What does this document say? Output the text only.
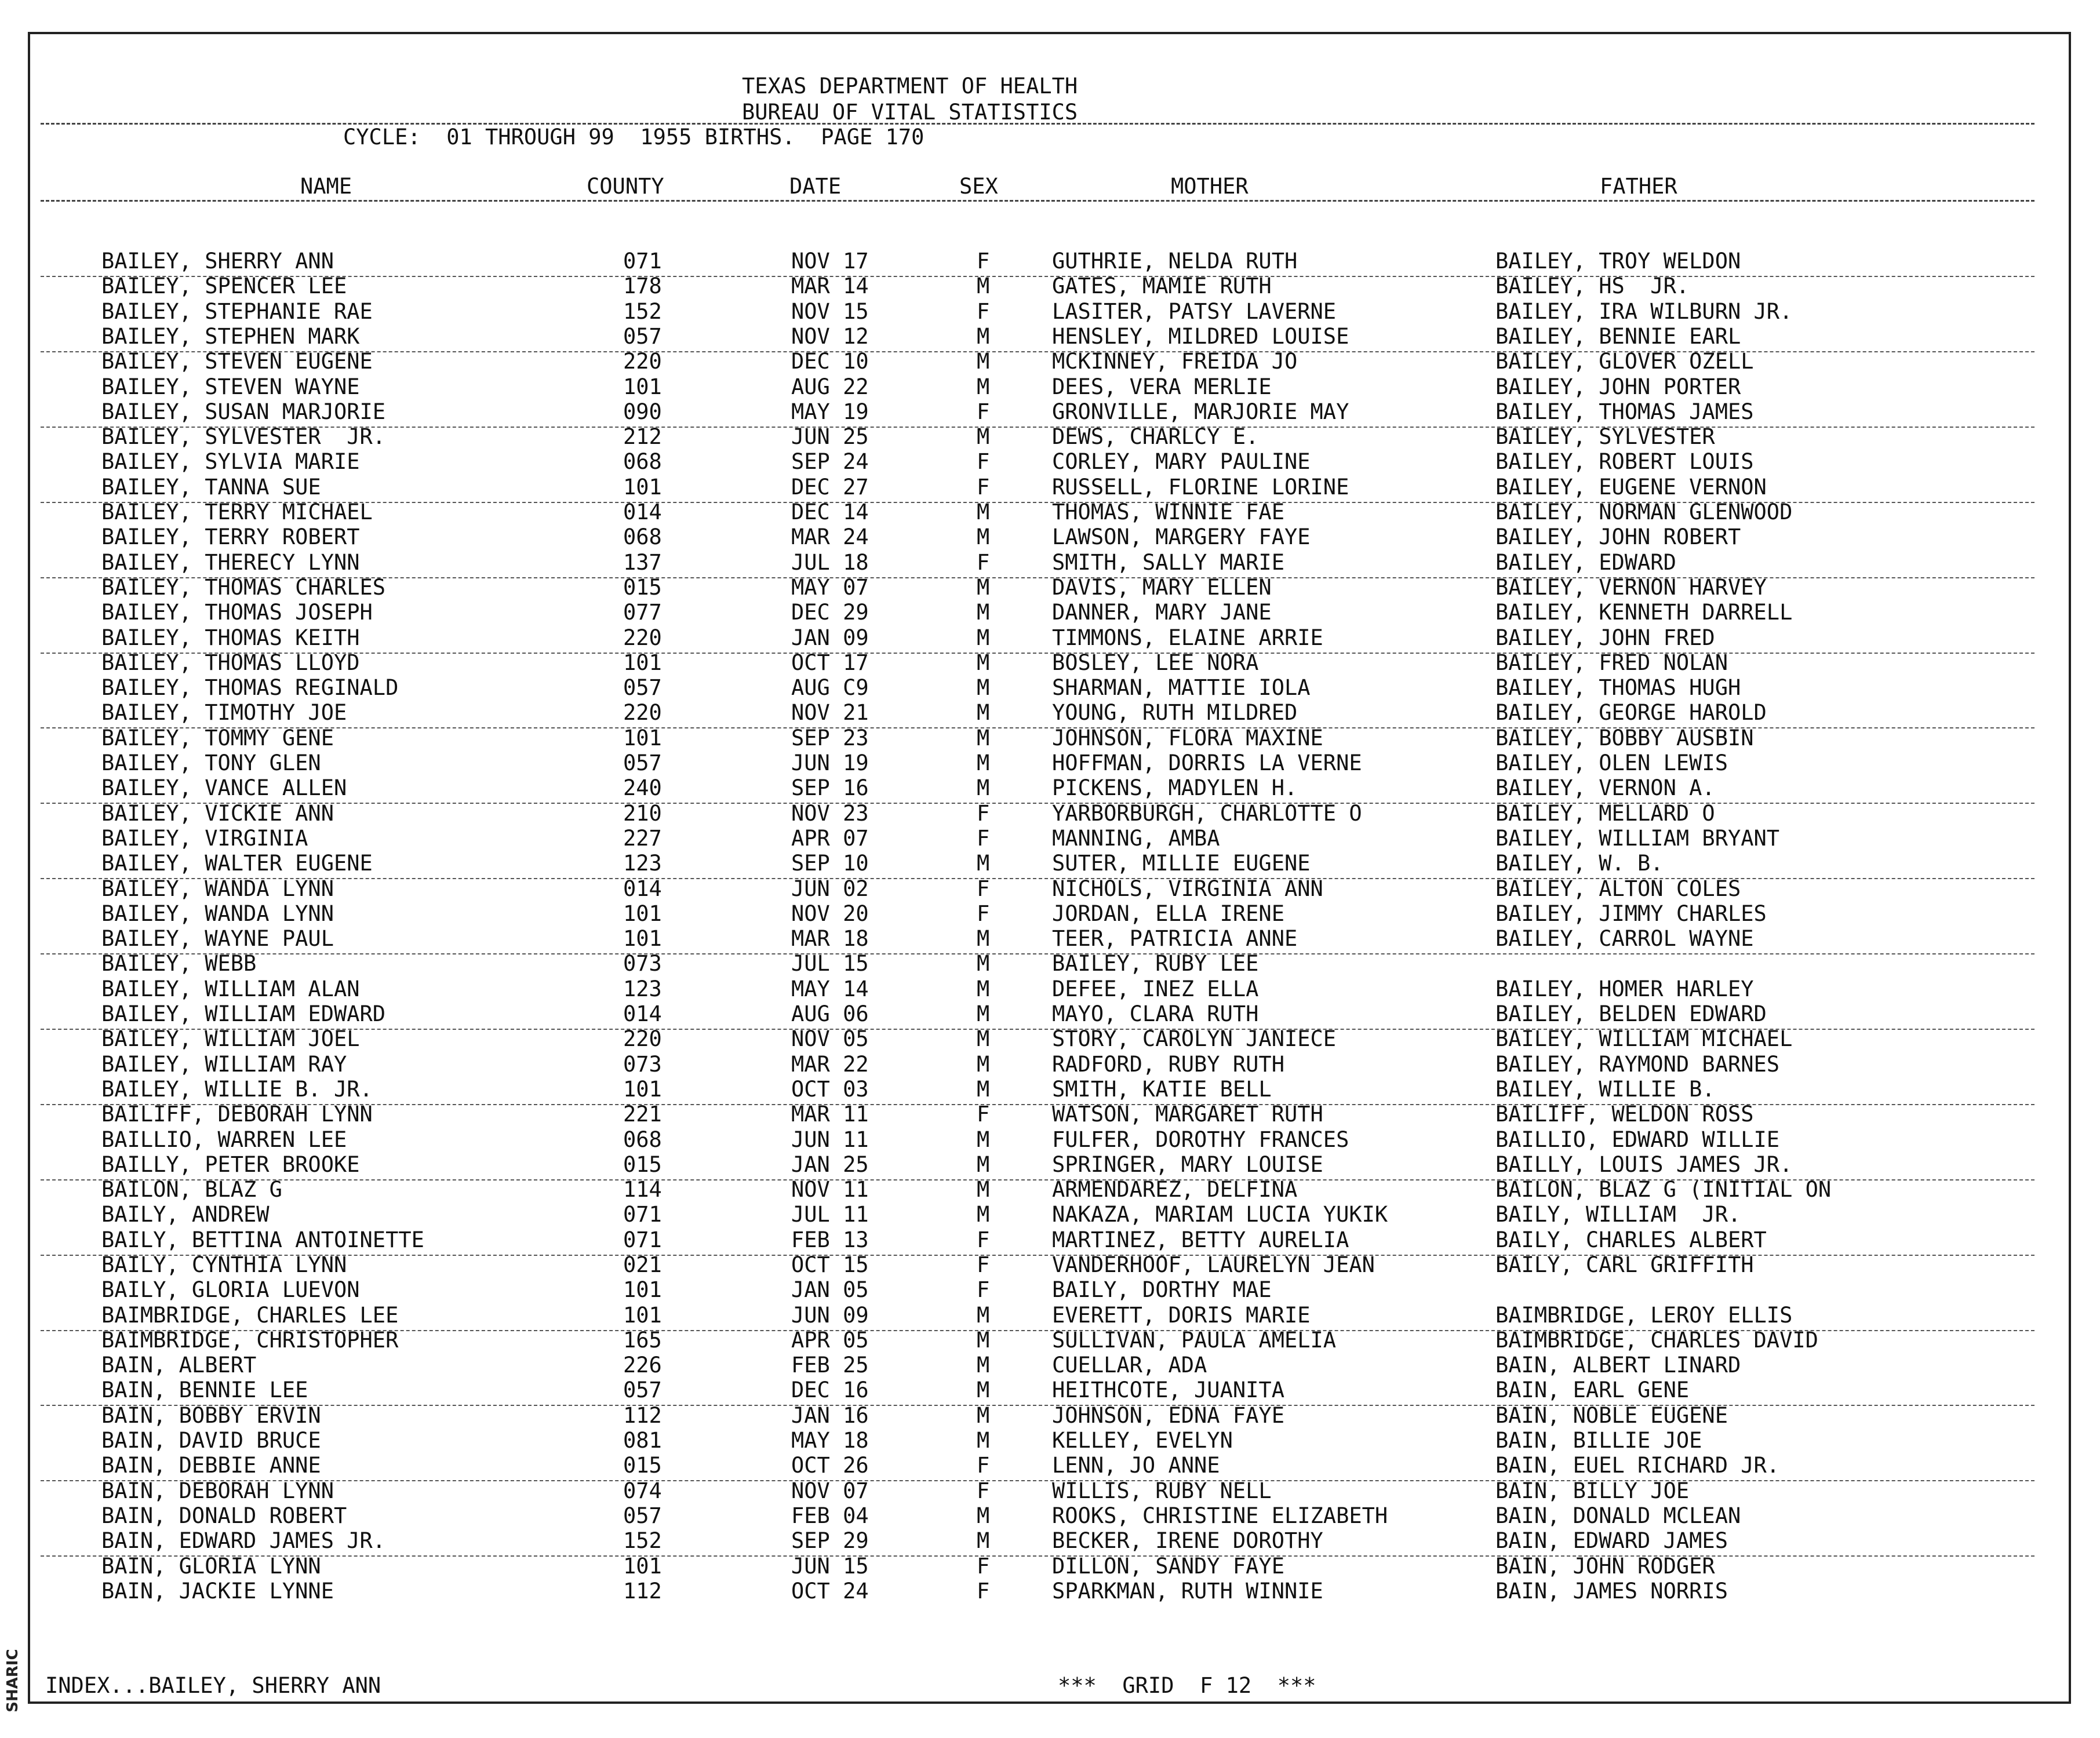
SHARIC
TEXAS DEPARTMENT OF HEALTH
BUREAU OF VITAL STATISTICS
CYCLE:  01 THROUGH 99  1955 BIRTHS.  PAGE 170
NAME	COUNTY	DATE	SEX	MOTHER	FATHER
BAILEY, SHERRY ANN	071	NOV 17	F	GUTHRIE, NELDA RUTH	BAILEY, TROY WELDON
BAILEY, SPENCER LEE	178	MAR 14	M	GATES, MAMIE RUTH	BAILEY, HS  JR.
BAILEY, STEPHANIE RAE	152	NOV 15	F	LASITER, PATSY LAVERNE	BAILEY, IRA WILBURN JR.
BAILEY, STEPHEN MARK	057	NOV 12	M	HENSLEY, MILDRED LOUISE	BAILEY, BENNIE EARL
BAILEY, STEVEN EUGENE	220	DEC 10	M	MCKINNEY, FREIDA JO	BAILEY, GLOVER OZELL
BAILEY, STEVEN WAYNE	101	AUG 22	M	DEES, VERA MERLIE	BAILEY, JOHN PORTER
BAILEY, SUSAN MARJORIE	090	MAY 19	F	GRONVILLE, MARJORIE MAY	BAILEY, THOMAS JAMES
BAILEY, SYLVESTER  JR.	212	JUN 25	M	DEWS, CHARLCY E.	BAILEY, SYLVESTER
BAILEY, SYLVIA MARIE	068	SEP 24	F	CORLEY, MARY PAULINE	BAILEY, ROBERT LOUIS
BAILEY, TANNA SUE	101	DEC 27	F	RUSSELL, FLORINE LORINE	BAILEY, EUGENE VERNON
BAILEY, TERRY MICHAEL	014	DEC 14	M	THOMAS, WINNIE FAE	BAILEY, NORMAN GLENWOOD
BAILEY, TERRY ROBERT	068	MAR 24	M	LAWSON, MARGERY FAYE	BAILEY, JOHN ROBERT
BAILEY, THERECY LYNN	137	JUL 18	F	SMITH, SALLY MARIE	BAILEY, EDWARD
BAILEY, THOMAS CHARLES	015	MAY 07	M	DAVIS, MARY ELLEN	BAILEY, VERNON HARVEY
BAILEY, THOMAS JOSEPH	077	DEC 29	M	DANNER, MARY JANE	BAILEY, KENNETH DARRELL
BAILEY, THOMAS KEITH	220	JAN 09	M	TIMMONS, ELAINE ARRIE	BAILEY, JOHN FRED
BAILEY, THOMAS LLOYD	101	OCT 17	M	BOSLEY, LEE NORA	BAILEY, FRED NOLAN
BAILEY, THOMAS REGINALD	057	AUG C9	M	SHARMAN, MATTIE IOLA	BAILEY, THOMAS HUGH
BAILEY, TIMOTHY JOE	220	NOV 21	M	YOUNG, RUTH MILDRED	BAILEY, GEORGE HAROLD
BAILEY, TOMMY GENE	101	SEP 23	M	JOHNSON, FLORA MAXINE	BAILEY, BOBBY AUSBIN
BAILEY, TONY GLEN	057	JUN 19	M	HOFFMAN, DORRIS LA VERNE	BAILEY, OLEN LEWIS
BAILEY, VANCE ALLEN	240	SEP 16	M	PICKENS, MADYLEN H.	BAILEY, VERNON A.
BAILEY, VICKIE ANN	210	NOV 23	F	YARBORBURGH, CHARLOTTE O	BAILEY, MELLARD O
BAILEY, VIRGINIA	227	APR 07	F	MANNING, AMBA	BAILEY, WILLIAM BRYANT
BAILEY, WALTER EUGENE	123	SEP 10	M	SUTER, MILLIE EUGENE	BAILEY, W. B.
BAILEY, WANDA LYNN	014	JUN 02	F	NICHOLS, VIRGINIA ANN	BAILEY, ALTON COLES
BAILEY, WANDA LYNN	101	NOV 20	F	JORDAN, ELLA IRENE	BAILEY, JIMMY CHARLES
BAILEY, WAYNE PAUL	101	MAR 18	M	TEER, PATRICIA ANNE	BAILEY, CARROL WAYNE
BAILEY, WEBB	073	JUL 15	M	BAILEY, RUBY LEE
BAILEY, WILLIAM ALAN	123	MAY 14	M	DEFEE, INEZ ELLA	BAILEY, HOMER HARLEY
BAILEY, WILLIAM EDWARD	014	AUG 06	M	MAYO, CLARA RUTH	BAILEY, BELDEN EDWARD
BAILEY, WILLIAM JOEL	220	NOV 05	M	STORY, CAROLYN JANIECE	BAILEY, WILLIAM MICHAEL
BAILEY, WILLIAM RAY	073	MAR 22	M	RADFORD, RUBY RUTH	BAILEY, RAYMOND BARNES
BAILEY, WILLIE B. JR.	101	OCT 03	M	SMITH, KATIE BELL	BAILEY, WILLIE B.
BAILIFF, DEBORAH LYNN	221	MAR 11	F	WATSON, MARGARET RUTH	BAILIFF, WELDON ROSS
BAILLIO, WARREN LEE	068	JUN 11	M	FULFER, DOROTHY FRANCES	BAILLIO, EDWARD WILLIE
BAILLY, PETER BROOKE	015	JAN 25	M	SPRINGER, MARY LOUISE	BAILLY, LOUIS JAMES JR.
BAILON, BLAZ G	114	NOV 11	M	ARMENDAREZ, DELFINA	BAILON, BLAZ G (INITIAL ON
BAILY, ANDREW	071	JUL 11	M	NAKAZA, MARIAM LUCIA YUKIK	BAILY, WILLIAM  JR.
BAILY, BETTINA ANTOINETTE	071	FEB 13	F	MARTINEZ, BETTY AURELIA	BAILY, CHARLES ALBERT
BAILY, CYNTHIA LYNN	021	OCT 15	F	VANDERHOOF, LAURELYN JEAN	BAILY, CARL GRIFFITH
BAILY, GLORIA LUEVON	101	JAN 05	F	BAILY, DORTHY MAE
BAIMBRIDGE, CHARLES LEE	101	JUN 09	M	EVERETT, DORIS MARIE	BAIMBRIDGE, LEROY ELLIS
BAIMBRIDGE, CHRISTOPHER	165	APR 05	M	SULLIVAN, PAULA AMELIA	BAIMBRIDGE, CHARLES DAVID
BAIN, ALBERT	226	FEB 25	M	CUELLAR, ADA	BAIN, ALBERT LINARD
BAIN, BENNIE LEE	057	DEC 16	M	HEITHCOTE, JUANITA	BAIN, EARL GENE
BAIN, BOBBY ERVIN	112	JAN 16	M	JOHNSON, EDNA FAYE	BAIN, NOBLE EUGENE
BAIN, DAVID BRUCE	081	MAY 18	M	KELLEY, EVELYN	BAIN, BILLIE JOE
BAIN, DEBBIE ANNE	015	OCT 26	F	LENN, JO ANNE	BAIN, EUEL RICHARD JR.
BAIN, DEBORAH LYNN	074	NOV 07	F	WILLIS, RUBY NELL	BAIN, BILLY JOE
BAIN, DONALD ROBERT	057	FEB 04	M	ROOKS, CHRISTINE ELIZABETH	BAIN, DONALD MCLEAN
BAIN, EDWARD JAMES JR.	152	SEP 29	M	BECKER, IRENE DOROTHY	BAIN, EDWARD JAMES
BAIN, GLORIA LYNN	101	JUN 15	F	DILLON, SANDY FAYE	BAIN, JOHN RODGER
BAIN, JACKIE LYNNE	112	OCT 24	F	SPARKMAN, RUTH WINNIE	BAIN, JAMES NORRIS
INDEX...BAILEY, SHERRY ANN	***  GRID  F 12  ***
